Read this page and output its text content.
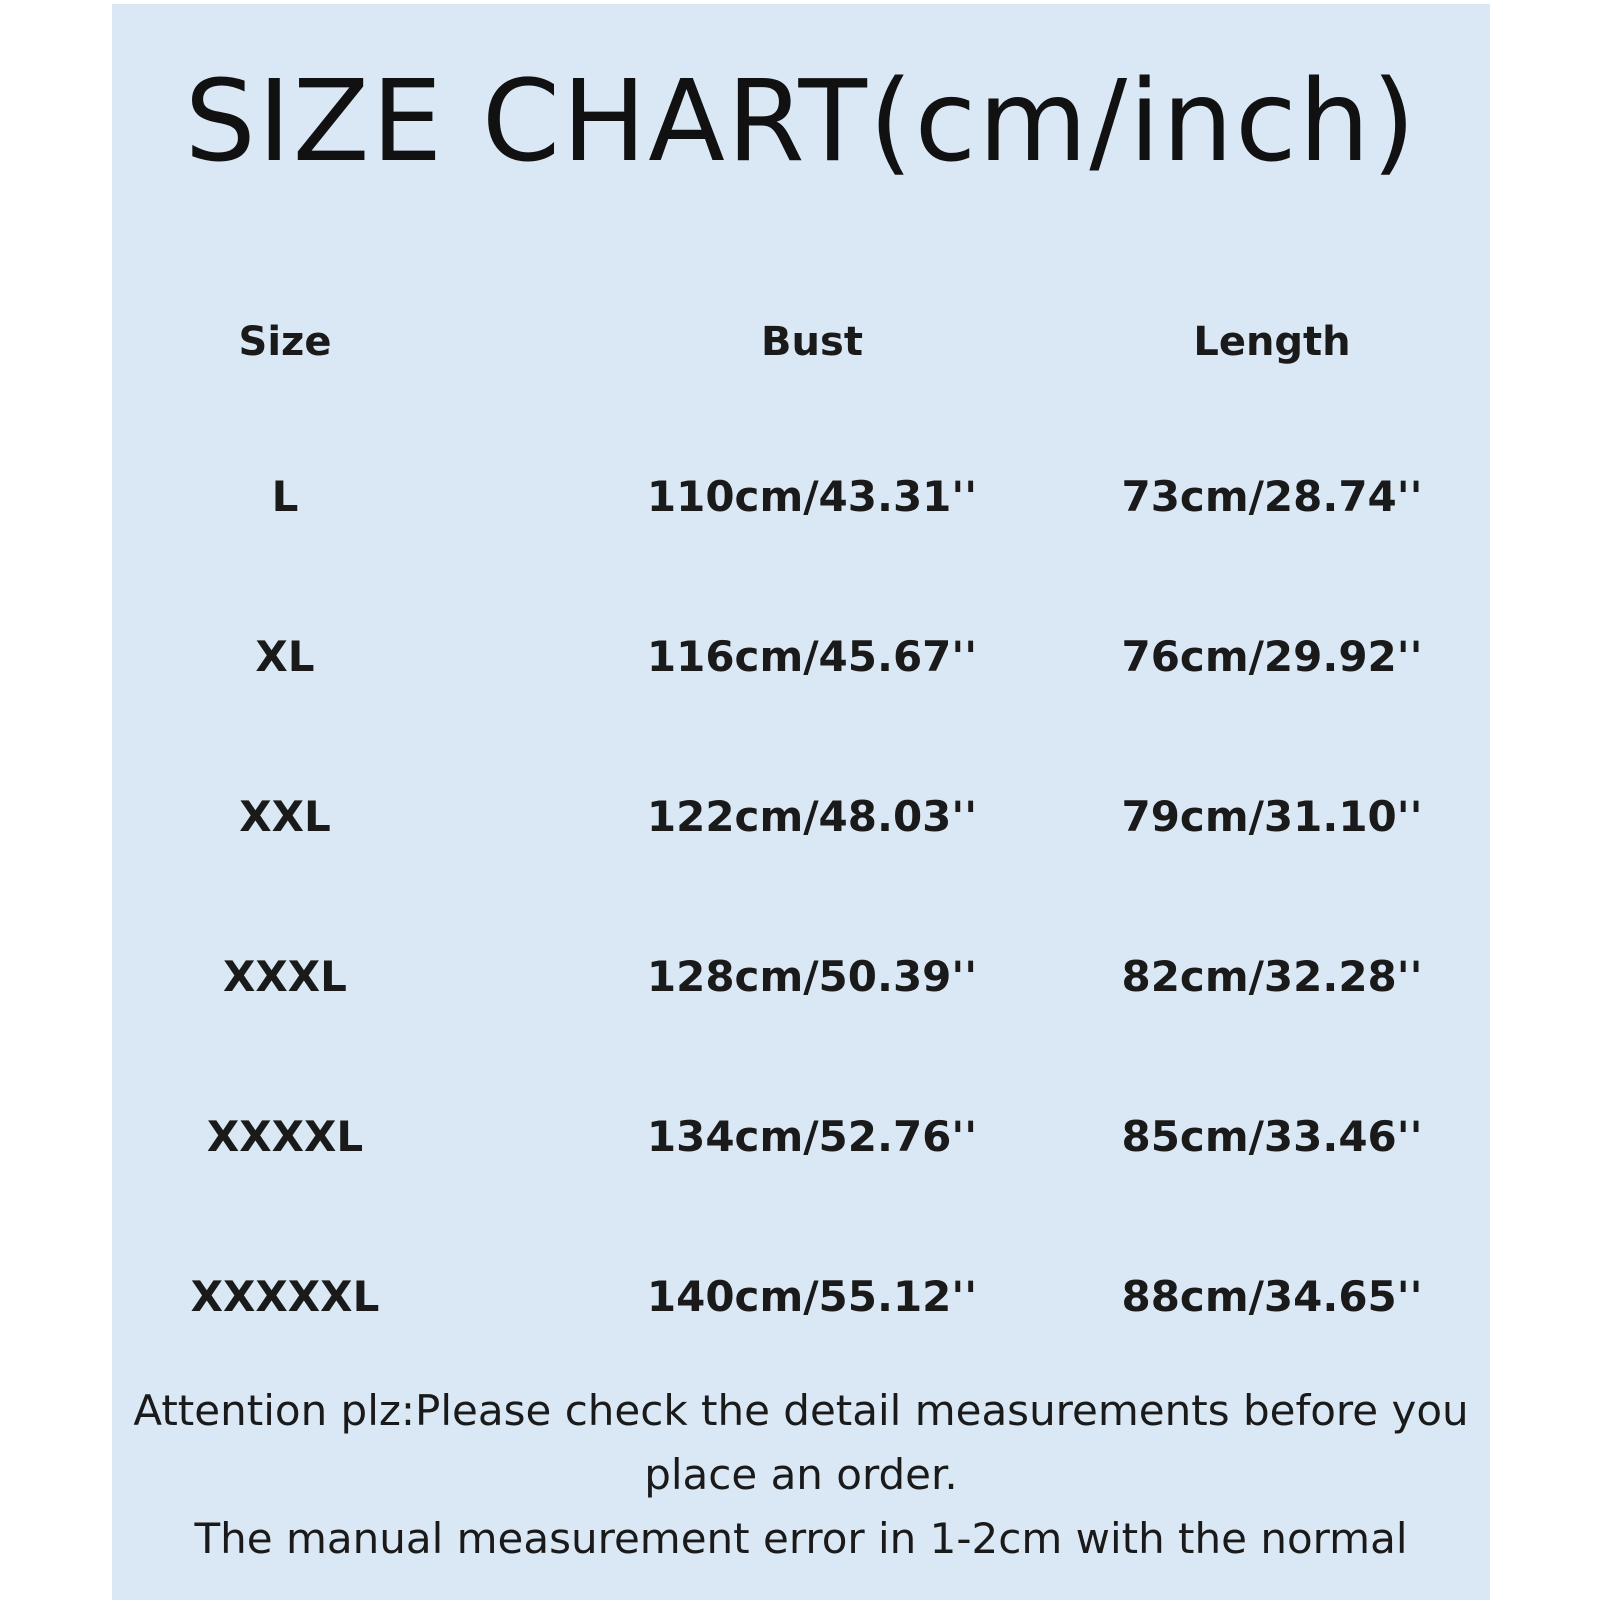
SIZE CHART(cm/inch)
Size	Bust	Length
L	110cm/43.31''	73cm/28.74''
XL	116cm/45.67''	76cm/29.92''
XXL	122cm/48.03''	79cm/31.10''
XXXL	128cm/50.39''	82cm/32.28''
XXXXL	134cm/52.76''	85cm/33.46''
XXXXXL	140cm/55.12''	88cm/34.65''
Attention plz:Please check the detail measurements before you
place an order.
The manual measurement error in 1-2cm with the normal
